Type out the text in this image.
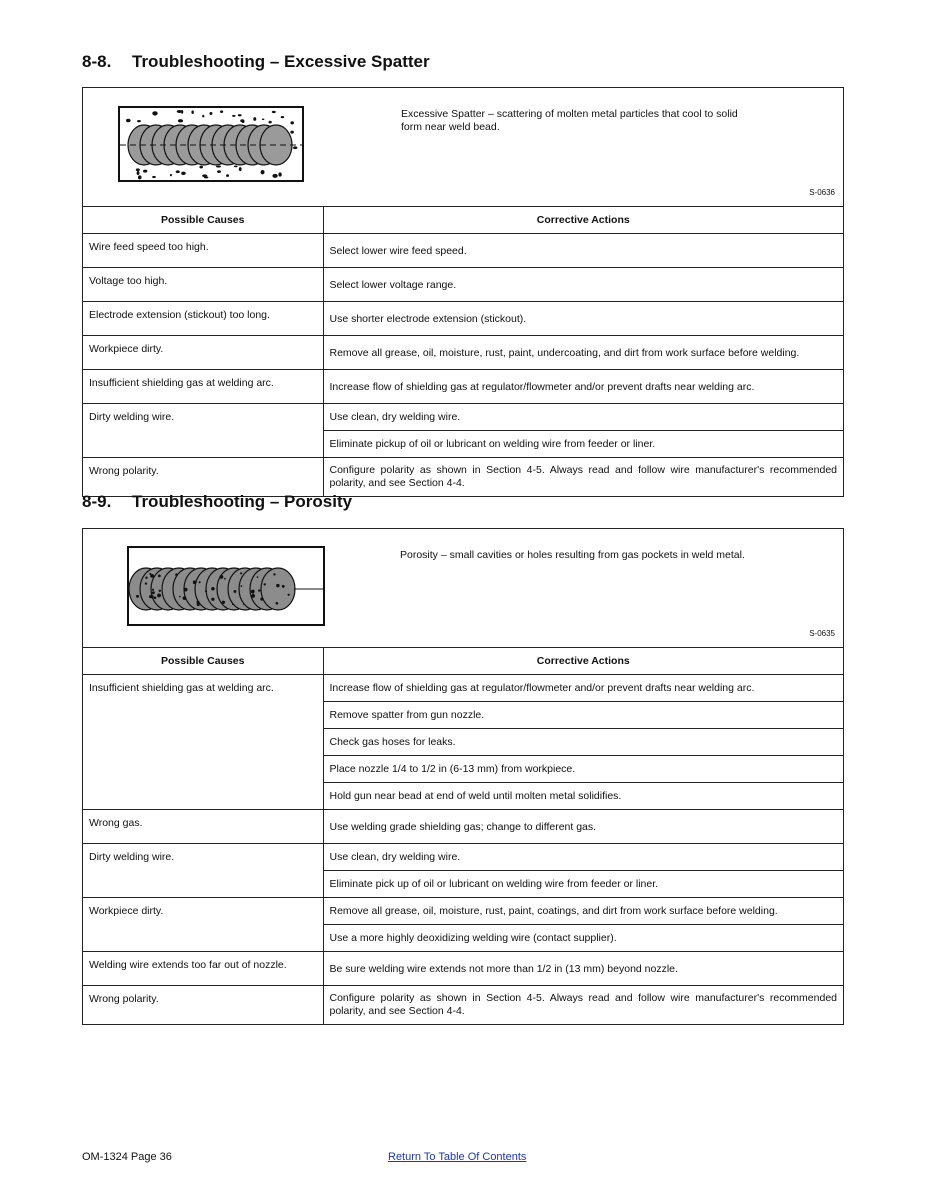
8-8. Troubleshooting – Excessive Spatter
Excessive Spatter – scattering of molten metal particles that cool to solid form near weld bead.
S-0636
Possible Causes	Corrective Actions
Wire feed speed too high.	Select lower wire feed speed.
Voltage too high.	Select lower voltage range.
Electrode extension (stickout) too long.	Use shorter electrode extension (stickout).
Workpiece dirty.	Remove all grease, oil, moisture, rust, paint, undercoating, and dirt from work surface before welding.
Insufficient shielding gas at welding arc.	Increase flow of shielding gas at regulator/flowmeter and/or prevent drafts near welding arc.
Dirty welding wire.	Use clean, dry welding wire.
	Eliminate pickup of oil or lubricant on welding wire from feeder or liner.
Wrong polarity.	Configure polarity as shown in Section 4-5. Always read and follow wire manufacturer's recommended polarity, and see Section 4-4.
8-9. Troubleshooting – Porosity
Porosity – small cavities or holes resulting from gas pockets in weld metal.
S-0635
Possible Causes	Corrective Actions
Insufficient shielding gas at welding arc.	Increase flow of shielding gas at regulator/flowmeter and/or prevent drafts near welding arc.
	Remove spatter from gun nozzle.
	Check gas hoses for leaks.
	Place nozzle 1/4 to 1/2 in (6-13 mm) from workpiece.
	Hold gun near bead at end of weld until molten metal solidifies.
Wrong gas.	Use welding grade shielding gas; change to different gas.
Dirty welding wire.	Use clean, dry welding wire.
	Eliminate pick up of oil or lubricant on welding wire from feeder or liner.
Workpiece dirty.	Remove all grease, oil, moisture, rust, paint, coatings, and dirt from work surface before welding.
	Use a more highly deoxidizing welding wire (contact supplier).
Welding wire extends too far out of nozzle.	Be sure welding wire extends not more than 1/2 in (13 mm) beyond nozzle.
Wrong polarity.	Configure polarity as shown in Section 4-5. Always read and follow wire manufacturer's recommended polarity, and see Section 4-4.
OM-1324 Page 36	Return To Table Of Contents
